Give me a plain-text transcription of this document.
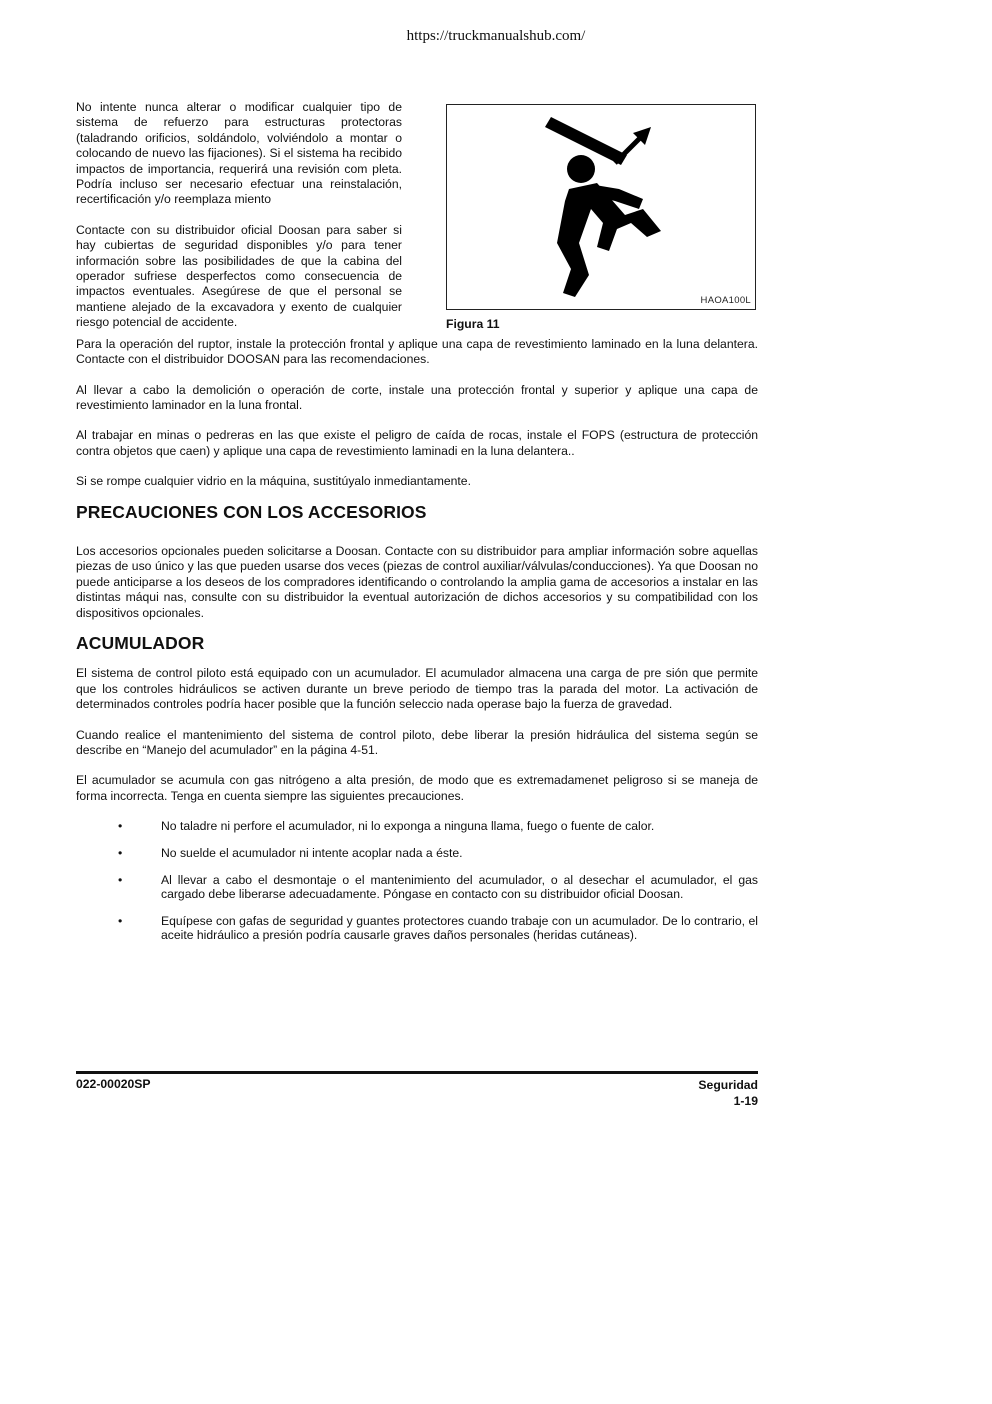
https://truckmanualshub.com/

No intente nunca alterar o modificar cualquier tipo de sistema de refuerzo para estructuras protectoras (taladrando orificios, soldándolo, volviéndolo a montar o colocando de nuevo las fijaciones). Si el sistema ha recibido impactos de importancia, requerirá una revisión com pleta. Podría incluso ser necesario efectuar una reinstalación, recertificación y/o reemplaza miento

Contacte con su distribuidor oficial Doosan para saber si hay cubiertas de seguridad disponibles y/o para tener información sobre las posibilidades de que la cabina del operador sufriese desperfectos como consecuencia de impactos eventuales. Asegúrese de que el personal se mantiene alejado de la excavadora y exento de cualquier riesgo potencial de accidente.

HAOA100L
Figura 11

Para la operación del ruptor, instale la protección frontal y aplique una capa de revestimiento laminado en la luna delantera. Contacte con el distribuidor DOOSAN para las recomendaciones.

Al llevar a cabo la demolición o operación de corte, instale una protección frontal y superior y aplique una capa de revestimiento laminador en la luna frontal.

Al trabajar en minas o pedreras en las que existe el peligro de caída de rocas, instale el FOPS (estructura de protección contra objetos que caen) y aplique una capa de revestimiento laminadi en la luna delantera..

Si se rompe cualquier vidrio en la máquina, sustitúyalo inmediantamente.

PRECAUCIONES CON LOS ACCESORIOS

Los accesorios opcionales pueden solicitarse a Doosan. Contacte con su distribuidor para ampliar información sobre aquellas piezas de uso único y las que pueden usarse dos veces (piezas de control auxiliar/válvulas/conducciones). Ya que Doosan no puede anticiparse a los deseos de los compradores identificando o controlando la amplia gama de accesorios a instalar en las distintas máqui nas, consulte con su distribuidor la eventual autorización de dichos accesorios y su compatibilidad con los dispositivos opcionales.

ACUMULADOR

El sistema de control piloto está equipado con un acumulador. El acumulador almacena una carga de pre sión que permite que los controles hidráulicos se activen durante un breve periodo de tiempo tras la parada del motor. La activación de determinados controles podría hacer posible que la función seleccio nada operase bajo la fuerza de gravedad.

Cuando realice el mantenimiento del sistema de control piloto, debe liberar la presión hidráulica del sistema según se describe en “Manejo del acumulador” en la página 4-51.

El acumulador se acumula con gas nitrógeno a alta presión, de modo que es extremadamenet peligroso si se maneja de forma incorrecta. Tenga en cuenta siempre las siguientes precauciones.

•	No taladre ni perfore el acumulador, ni lo exponga a ninguna llama, fuego o fuente de calor.
•	No suelde el acumulador ni intente acoplar nada a éste.
•	Al llevar a cabo el desmontaje o el mantenimiento del acumulador, o al desechar el acumulador, el gas cargado debe liberarse adecuadamente. Póngase en contacto con su distribuidor oficial Doosan.
•	Equípese con gafas de seguridad y guantes protectores cuando trabaje con un acumulador. De lo contrario, el aceite hidráulico a presión podría causarle graves daños personales (heridas cutáneas).
022-00020SP	Seguridad
1-19
